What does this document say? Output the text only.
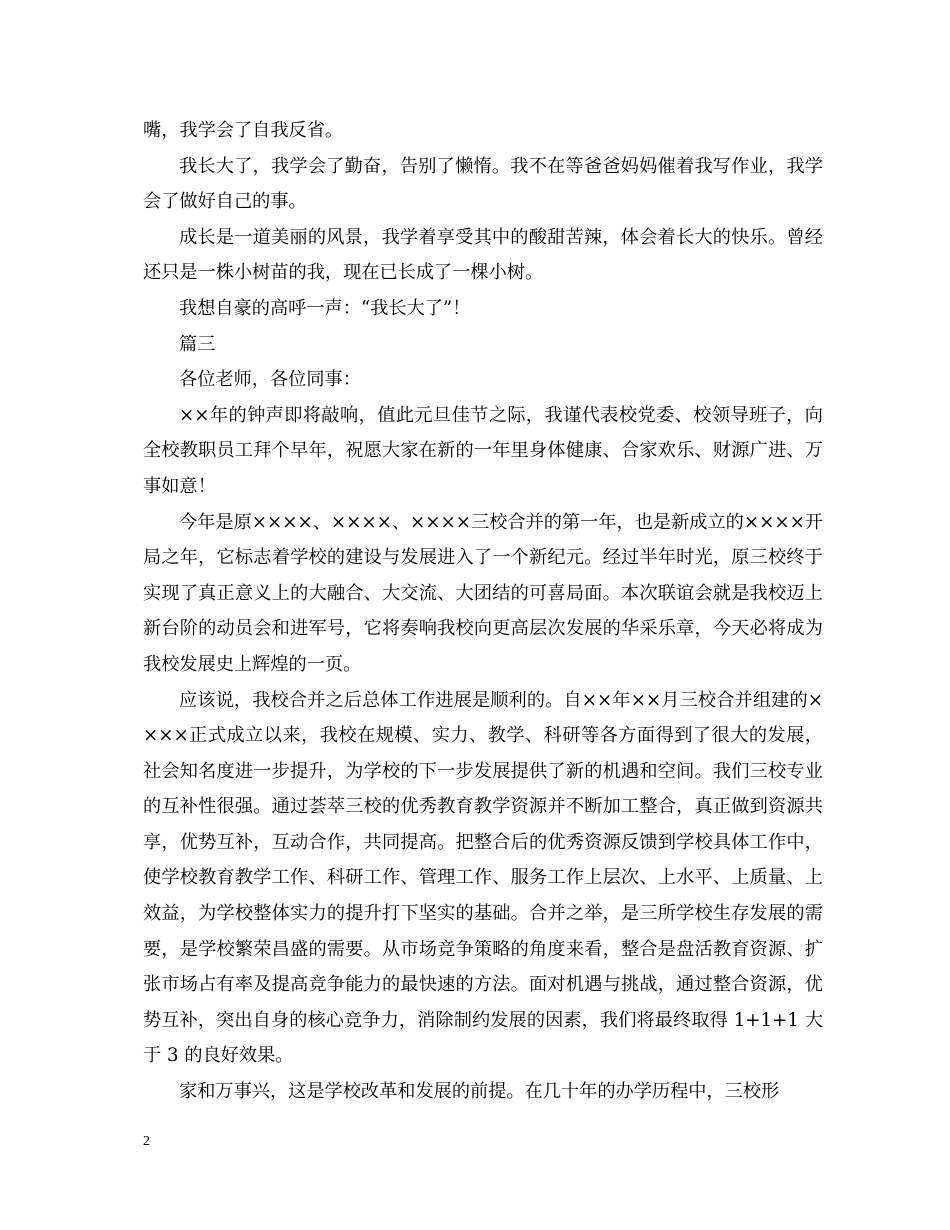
嘴，我学会了自我反省。

我长大了，我学会了勤奋，告别了懒惰。我不在等爸爸妈妈催着我写作业，我学会了做好自己的事。

成长是一道美丽的风景，我学着享受其中的酸甜苦辣，体会着长大的快乐。曾经还只是一株小树苗的我，现在已长成了一棵小树。

我想自豪的高呼一声：“我长大了”！

篇三

各位老师，各位同事：

××年的钟声即将敲响，值此元旦佳节之际，我谨代表校党委、校领导班子，向全校教职员工拜个早年，祝愿大家在新的一年里身体健康、合家欢乐、财源广进、万事如意！

今年是原××××、××××、××××三校合并的第一年，也是新成立的××××开局之年，它标志着学校的建设与发展进入了一个新纪元。经过半年时光，原三校终于实现了真正意义上的大融合、大交流、大团结的可喜局面。本次联谊会就是我校迈上新台阶的动员会和进军号，它将奏响我校向更高层次发展的华采乐章，今天必将成为我校发展史上辉煌的一页。

应该说，我校合并之后总体工作进展是顺利的。自××年××月三校合并组建的××××正式成立以来，我校在规模、实力、教学、科研等各方面得到了很大的发展，社会知名度进一步提升，为学校的下一步发展提供了新的机遇和空间。我们三校专业的互补性很强。通过荟萃三校的优秀教育教学资源并不断加工整合，真正做到资源共享，优势互补，互动合作，共同提高。把整合后的优秀资源反馈到学校具体工作中，使学校教育教学工作、科研工作、管理工作、服务工作上层次、上水平、上质量、上效益，为学校整体实力的提升打下坚实的基础。合并之举，是三所学校生存发展的需要，是学校繁荣昌盛的需要。从市场竞争策略的角度来看，整合是盘活教育资源、扩张市场占有率及提高竞争能力的最快速的方法。面对机遇与挑战，通过整合资源，优势互补，突出自身的核心竞争力，消除制约发展的因素，我们将最终取得 1+1+1 大于 3 的良好效果。

家和万事兴，这是学校改革和发展的前提。在几十年的办学历程中，三校形

2
